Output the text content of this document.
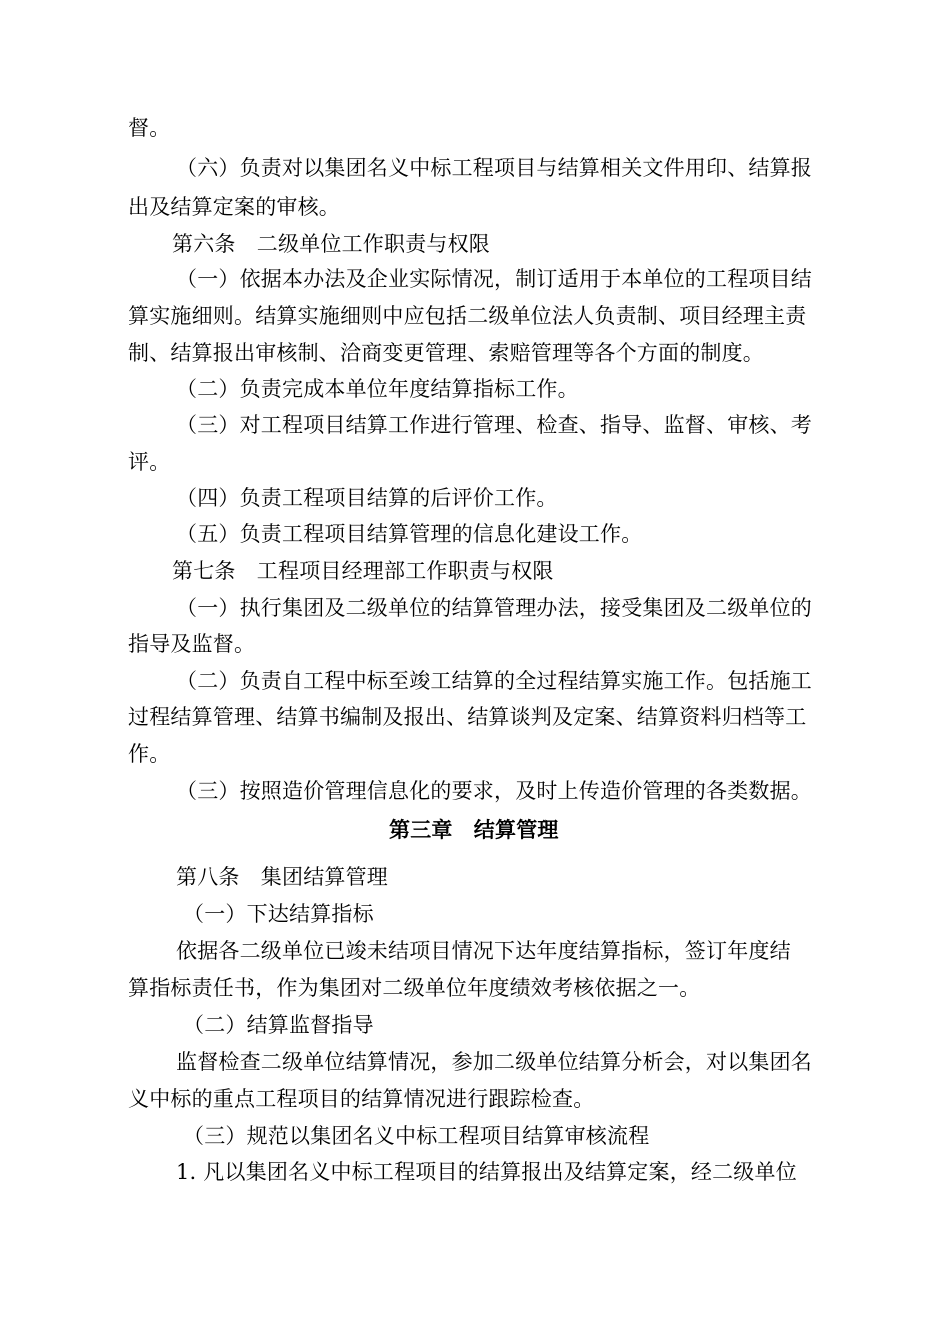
督。
（六）负责对以集团名义中标工程项目与结算相关文件用印、结算报
出及结算定案的审核。
第六条　二级单位工作职责与权限
（一）依据本办法及企业实际情况，制订适用于本单位的工程项目结
算实施细则。结算实施细则中应包括二级单位法人负责制、项目经理主责
制、结算报出审核制、洽商变更管理、索赔管理等各个方面的制度。
（二）负责完成本单位年度结算指标工作。
（三）对工程项目结算工作进行管理、检查、指导、监督、审核、考
评。
（四）负责工程项目结算的后评价工作。
（五）负责工程项目结算管理的信息化建设工作。
第七条　工程项目经理部工作职责与权限
（一）执行集团及二级单位的结算管理办法，接受集团及二级单位的
指导及监督。
（二）负责自工程中标至竣工结算的全过程结算实施工作。包括施工
过程结算管理、结算书编制及报出、结算谈判及定案、结算资料归档等工
作。
（三）按照造价管理信息化的要求，及时上传造价管理的各类数据。
第三章　结算管理
第八条　集团结算管理
（一）下达结算指标
依据各二级单位已竣未结项目情况下达年度结算指标，签订年度结
算指标责任书，作为集团对二级单位年度绩效考核依据之一。
（二）结算监督指导
监督检查二级单位结算情况，参加二级单位结算分析会，对以集团名
义中标的重点工程项目的结算情况进行跟踪检查。
（三）规范以集团名义中标工程项目结算审核流程
1. 凡以集团名义中标工程项目的结算报出及结算定案，经二级单位
